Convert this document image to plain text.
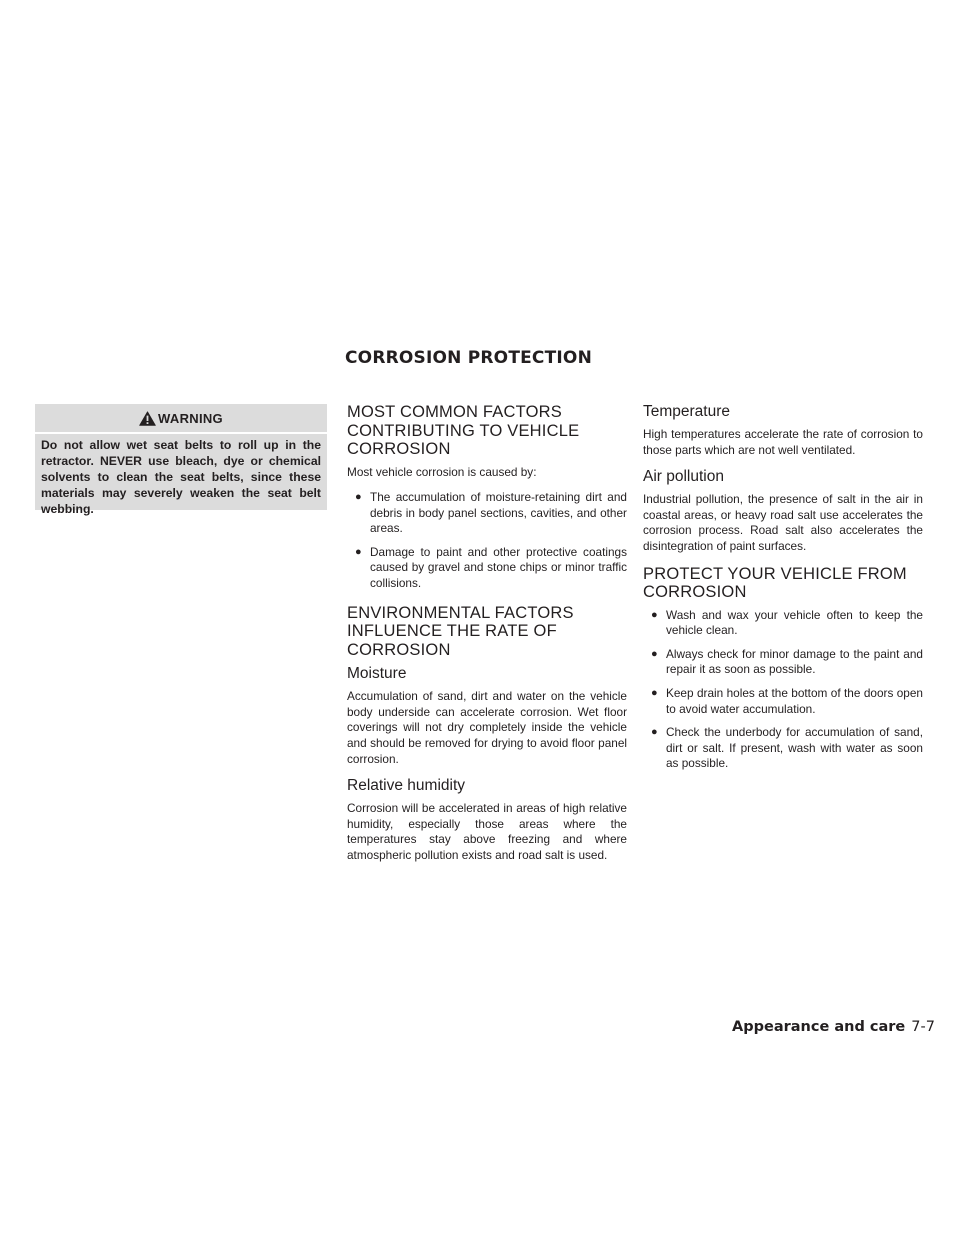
CORROSION PROTECTION
WARNING

Do not allow wet seat belts to roll up in the retractor. NEVER use bleach, dye or chemical solvents to clean the seat belts, since these materials may severely weaken the seat belt webbing.

MOST COMMON FACTORS CONTRIBUTING TO VEHICLE CORROSION

Most vehicle corrosion is caused by:

● The accumulation of moisture-retaining dirt and debris in body panel sections, cavities, and other areas.
● Damage to paint and other protective coatings caused by gravel and stone chips or minor traffic collisions.
ENVIRONMENTAL FACTORS INFLUENCE THE RATE OF CORROSION
Moisture

Accumulation of sand, dirt and water on the vehicle body underside can accelerate corrosion. Wet floor coverings will not dry completely inside the vehicle and should be removed for drying to avoid floor panel corrosion.

Relative humidity

Corrosion will be accelerated in areas of high relative humidity, especially those areas where the temperatures stay above freezing and where atmospheric pollution exists and road salt is used.

Temperature

High temperatures accelerate the rate of corrosion to those parts which are not well ventilated.

Air pollution

Industrial pollution, the presence of salt in the air in coastal areas, or heavy road salt use accelerates the corrosion process. Road salt also accelerates the disintegration of paint surfaces.

PROTECT YOUR VEHICLE FROM CORROSION
● Wash and wax your vehicle often to keep the vehicle clean.
● Always check for minor damage to the paint and repair it as soon as possible.
● Keep drain holes at the bottom of the doors open to avoid water accumulation.
● Check the underbody for accumulation of sand, dirt or salt. If present, wash with water as soon as possible.
Appearance and care 7-7
